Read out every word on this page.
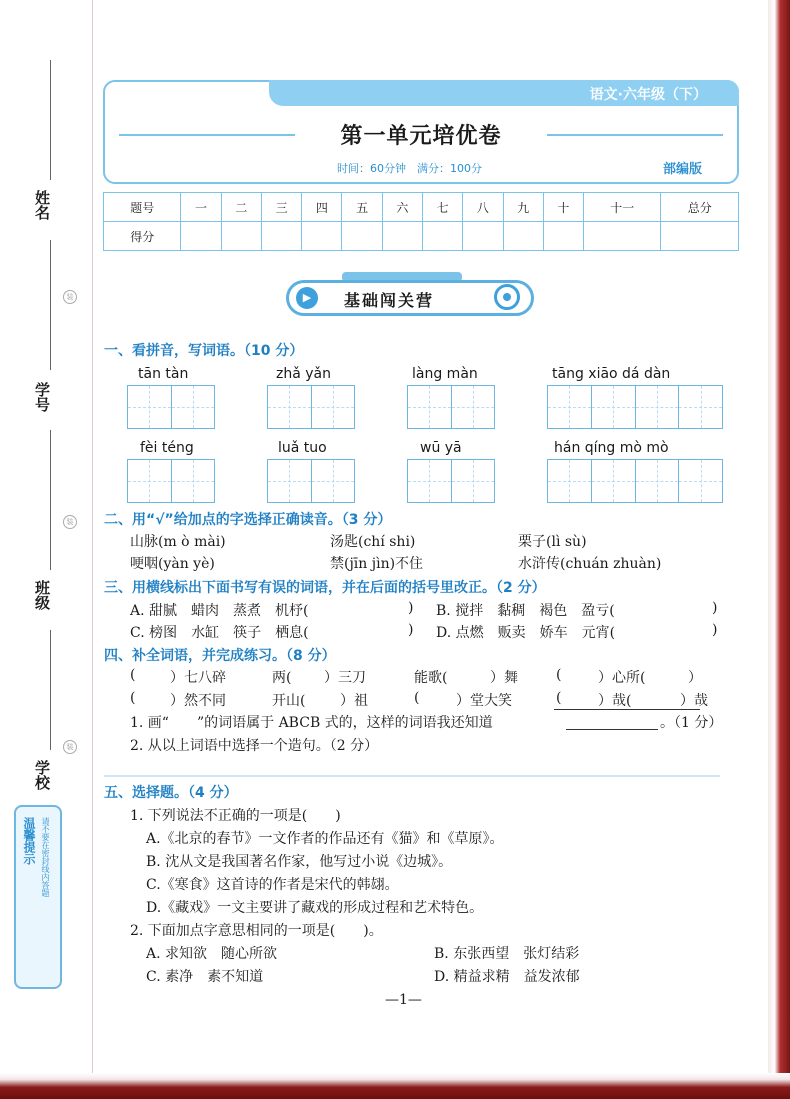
姓名
装
学号
装
班级
装
学校
温馨提示 请不要在密封线内答题
语文·六年级（下）
第一单元培优卷
时间：60分钟　满分：100分	部编版
题号	一	二	三	四	五	六	七	八	九	十	十一	总分
得分												
▶	基础闯关营
一、看拼音，写词语。（10 分）
tān tàn	zhǎ yǎn	làng màn	tāng xiāo dá dàn
fèi téng	luǎ tuo	wū yā	hán qíng mò mò
二、用“√”给加点的字选择正确读音。（3 分）
山脉(m ò mài)	汤匙(chí shi)	栗子(lì sù)
哽咽(yàn yè)	禁(jīn jìn)不住	水浒传(chuán zhuàn)
三、用横线标出下面书写有误的词语，并在后面的括号里改正。（2 分）
A. 甜腻　蜡肉　蒸煮　机杼(	) B. 搅拌　黏稠　褐色　盈亏(	)
C. 榜图　水缸　筷子　栖息(	) D. 点燃　贩卖　娇车　元宵(	)
四、补全词语，并完成练习。（8 分）
( ）七八碎	两( ）三刀	能歌(	）舞	(	）心所(	）
( ）然不同	开山( ）祖	(	）堂大笑	(	）哉(	）哉
1. 画“　　”的词语属于 ABCB 式的，这样的词语我还知道	。（1 分）
2. 从以上词语中选择一个造句。（2 分）
五、选择题。（4 分）
1. 下列说法不正确的一项是(　　)
A.《北京的春节》一文作者的作品还有《猫》和《草原》。
B. 沈从文是我国著名作家，他写过小说《边城》。
C.《寒食》这首诗的作者是宋代的韩翃。
D.《藏戏》一文主要讲了藏戏的形成过程和艺术特色。
2. 下面加点字意思相同的一项是(　　)。
A. 求知欲　随心所欲	B. 东张西望　张灯结彩
C. 素净　素不知道	D. 精益求精　益发浓郁
—1—
